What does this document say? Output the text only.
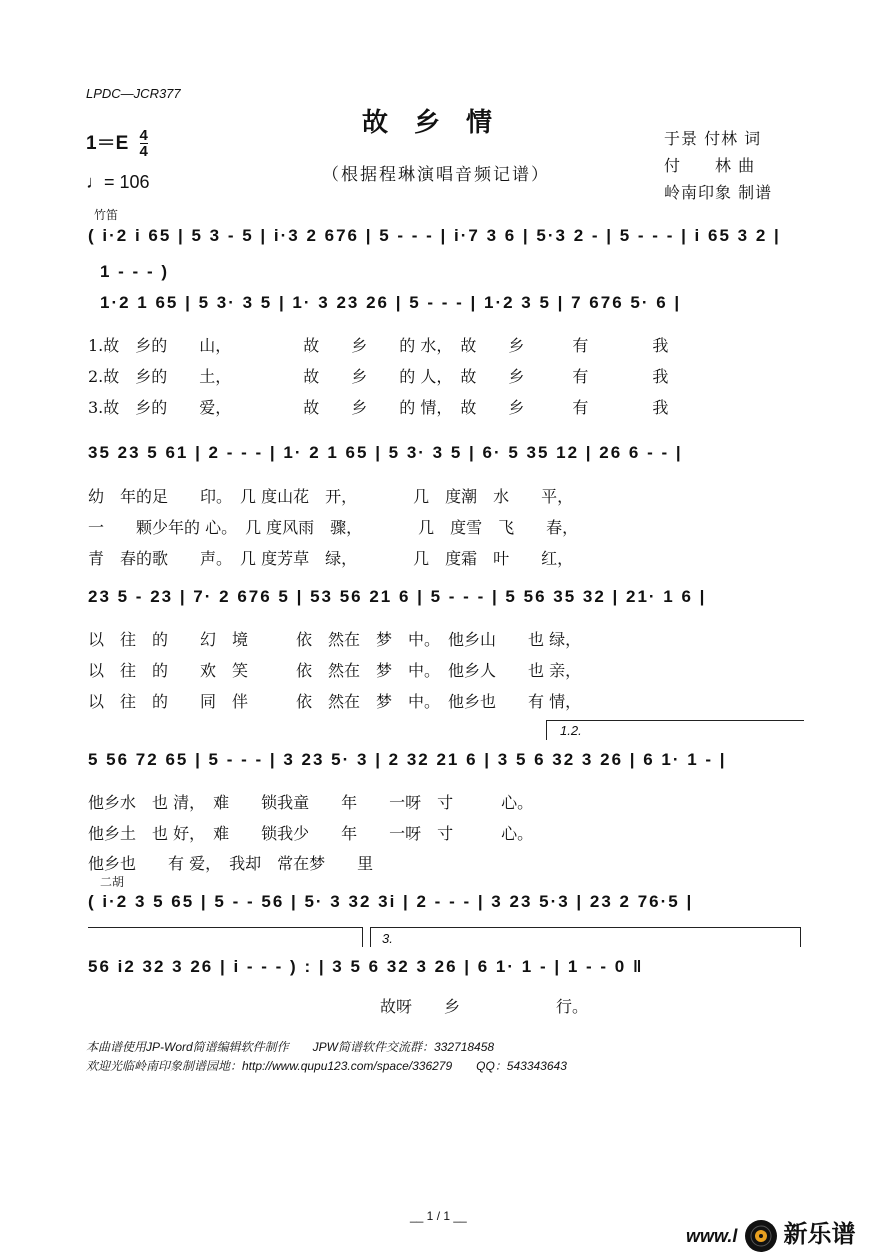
LPDC—JCR377
故乡情
（根据程琳演唱音频记谱）
$1=E \frac{4}{4}$
♩= 106
于景 付林 词
付　　林 曲
岭南印象 制谱
竹笛
( i·2 i 65 | 5 3 - 5 | i·3 2 676 | 5 - - - | i·7 3 6 | 5·3 2 - | 5 - - - | i 65 3 2 |
1 - - - )
1·2 1 65 | 5 3· 3 5 | 1· 3 23 26 | 5 - - - | 1·2 3 5 | 7 676 5· 6 |
1.故　乡的　　山，　　　　　故　　乡　　的 水，　故　　乡　　　有　　　　我
2.故　乡的　　土，　　　　　故　　乡　　的 人，　故　　乡　　　有　　　　我
3.故　乡的　　爱，　　　　　故　　乡　　的 情，　故　　乡　　　有　　　　我
35 23 5 61 | 2 - - - | 1· 2 1 65 | 5 3· 3 5 | 6· 5 35 12 | 26 6 - - |
幼　年的足　　印。　几 度山花　开，　　　　几　度潮　水　　平，
一　　颗少年的 心。　几 度风雨　骤，　　　　几　度雪　飞　　春，
青　春的歌　　声。　几 度芳草　绿，　　　　几　度霜　叶　　红，
23 5 - 23 | 7· 2 676 5 | 53 56 21 6 | 5 - - - | 5 56 35 32 | 21· 1 6 |
以　往　的　　幻　境　　　依　然在　梦　中。　他乡山　　也 绿，
以　往　的　　欢　笑　　　依　然在　梦　中。　他乡人　　也 亲，
以　往　的　　同　伴　　　依　然在　梦　中。　他乡也　　有 情，
1.2.
5 56 72 65 | 5 - - - | 3 23 5· 3 | 2 32 21 6 | 3 5 6 32 3 26 | 6 1· 1 - |
他乡水　也 清，　难　　锁我童　　年　　一呀　寸　　　心。
他乡土　也 好，　难　　锁我少　　年　　一呀　寸　　　心。
他乡也　　有 爱，　我却　常在梦　　里
二胡
( i·2 3 5 65 | 5 - - 56 | 5· 3 32 3i | 2 - - - | 3 23 5·3 | 23 2 76·5 |
3.
56 i2 32 3 26 | i - - - ) : | 3 5 6 32 3 26 | 6 1· 1 - | 1 - - 0 ‖
故呀　　乡　　　　　　行。
本曲谱使用JP-Word简谱编辑软件制作　　JPW简谱软件交流群：332718458
欢迎光临岭南印象制谱园地：http://www.qupu123.com/space/336279　　QQ：543343643
__ 1 / 1 __
www.l 新乐谱
